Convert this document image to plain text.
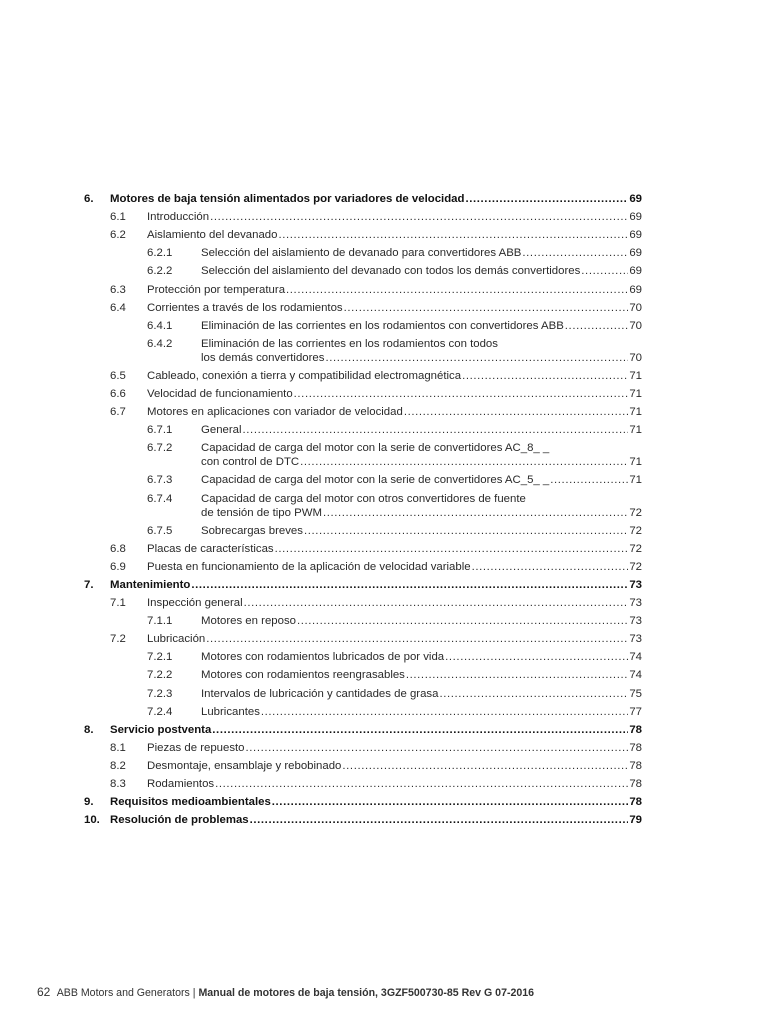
6. Motores de baja tensión alimentados por variadores de velocidad .....	69
6.1 Introducción .....	69
6.2 Aislamiento del devanado .....	69
6.2.1	Selección del aislamiento de devanado para convertidores ABB .....	69
6.2.2	Selección del aislamiento del devanado con todos los demás convertidores .....	69
6.3 Protección por temperatura .....	69
6.4 Corrientes a través de los rodamientos .....	70
6.4.1	Eliminación de las corrientes en los rodamientos con convertidores ABB .....	70
6.4.2	Eliminación de las corrientes en los rodamientos con todos
los demás convertidores .....	70
6.5 Cableado, conexión a tierra y compatibilidad electromagnética .....	71
6.6 Velocidad de funcionamiento .....	71
6.7 Motores en aplicaciones con variador de velocidad .....	71
6.7.1	General .....	71
6.7.2	Capacidad de carga del motor con la serie de convertidores AC_8_ _
con control de DTC .....	71
6.7.3	Capacidad de carga del motor con la serie de convertidores AC_5_ _ .....	71
6.7.4	Capacidad de carga del motor con otros convertidores de fuente
de tensión de tipo PWM .....	72
6.7.5	Sobrecargas breves .....	72
6.8 Placas de características .....	72
6.9 Puesta en funcionamiento de la aplicación de velocidad variable .....	72
7. Mantenimiento .....	73
7.1 Inspección general .....	73
7.1.1	Motores en reposo .....	73
7.2 Lubricación .....	73
7.2.1	Motores con rodamientos lubricados de por vida .....	74
7.2.2	Motores con rodamientos reengrasables .....	74
7.2.3	Intervalos de lubricación y cantidades de grasa .....	75
7.2.4	Lubricantes .....	77
8. Servicio postventa .....	78
8.1 Piezas de repuesto .....	78
8.2 Desmontaje, ensamblaje y rebobinado .....	78
8.3 Rodamientos .....	78
9. Requisitos medioambientales .....	78
10. Resolución de problemas .....	79
62 ABB Motors and Generators | Manual de motores de baja tensión, 3GZF500730-85 Rev G 07-2016
